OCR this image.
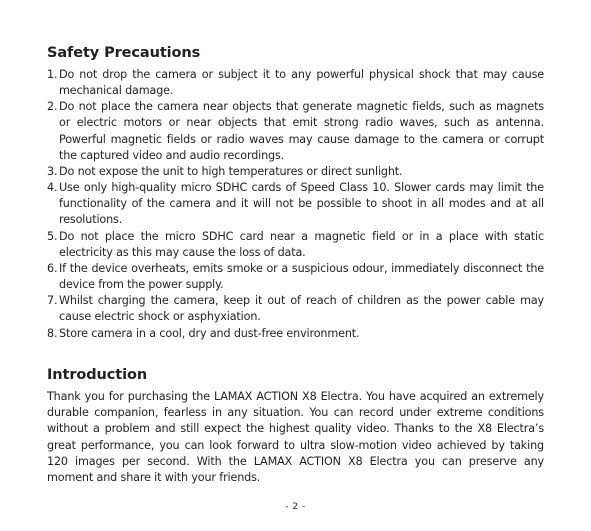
Safety Precautions
1. Do not drop the camera or subject it to any powerful physical shock that may cause mechanical damage.
2. Do not place the camera near objects that generate magnetic fields, such as magnets or electric motors or near objects that emit strong radio waves, such as antenna. Powerful magnetic fields or radio waves may cause damage to the camera or corrupt the captured video and audio recordings.
3. Do not expose the unit to high temperatures or direct sunlight.
4. Use only high-quality micro SDHC cards of Speed Class 10. Slower cards may limit the functionality of the camera and it will not be possible to shoot in all modes and at all resolutions.
5. Do not place the micro SDHC card near a magnetic field or in a place with static electricity as this may cause the loss of data.
6. If the device overheats, emits smoke or a suspicious odour, immediately disconnect the device from the power supply.
7. Whilst charging the camera, keep it out of reach of children as the power cable may cause electric shock or asphyxiation.
8. Store camera in a cool, dry and dust-free environment.
Introduction

Thank you for purchasing the LAMAX ACTION X8 Electra. You have acquired an extremely durable companion, fearless in any situation. You can record under extreme conditions without a problem and still expect the highest quality video. Thanks to the X8 Electra’s great performance, you can look forward to ultra slow-motion video achieved by taking 120 images per second. With the LAMAX ACTION X8 Electra you can preserve any moment and share it with your friends.

- 2 -
